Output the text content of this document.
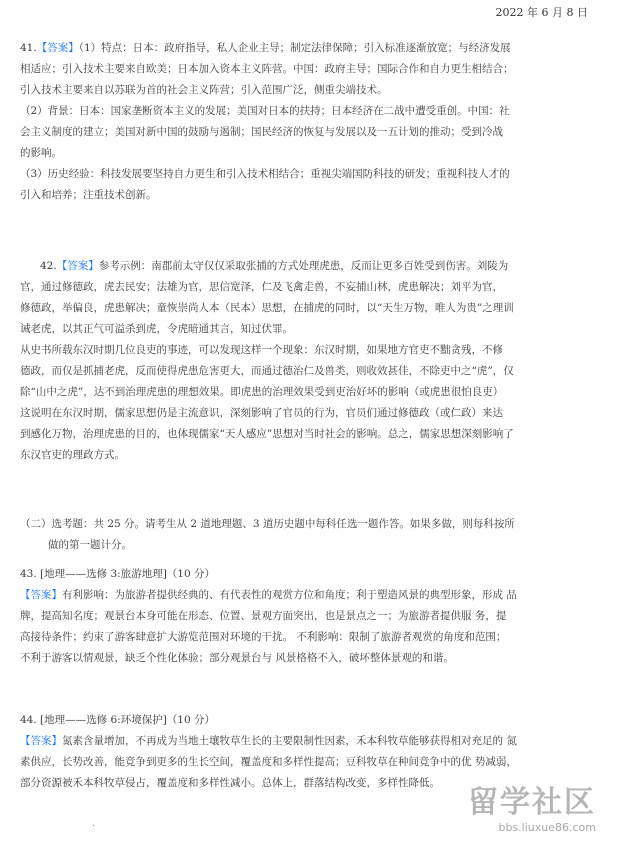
2022 年 6 月 8 日
41.【答案】（1）特点：日本：政府指导，私人企业主导；制定法律保障；引入标准逐渐放宽；与经济发展
相适应；引入技术主要来自欧美；日本加入资本主义阵营。中国：政府主导；国际合作和自力更生相结合；
引入技术主要来自以苏联为首的社会主义阵营；引入范围广泛，侧重尖端技术。
（2）背景：日本：国家垄断资本主义的发展；美国对日本的扶持；日本经济在二战中遭受重创。中国：社
会主义制度的建立；美国对新中国的鼓励与遏制；国民经济的恢复与发展以及一五计划的推动；受到冷战
的影响。
（3）历史经验：科技发展要坚持自力更生和引入技术相结合；重视尖端国防科技的研发；重视科技人才的
引入和培养；注重技术创新。
42.【答案】参考示例：南郡前太守仅仅采取张捕的方式处理虎患，反而让更多百姓受到伤害。刘陵为
官，通过修德政，虎去民安；法雄为官，思信宽泽，仁及飞禽走兽，不妄捕山林，虎患解决；刘平为官，
修德政，举偏良，虎患解决；童恢崇尚人本（民本）思想，在捕虎的同时，以“天生万物，唯人为贵”之理训
诫老虎，以其正气可溢杀到虎，令虎暗通其言，知过伏罪。
从史书所载东汉时期几位良吏的事迹，可以发现这样一个现象：东汉时期，如果地方官吏不黜贪残，不修
德政，而仅是抓捕老虎，反而使得虎患危害更大，而通过德治仁及兽类，则收效甚佳，不除吏中之“虎”，仅
除“山中之虎”，达不到治理虎患的理想效果。即虎患的治理效果受到吏治好坏的影响（或虎患很怕良吏）
这说明在东汉时期，儒家思想仍是主流意识，深刻影响了官员的行为，官员们通过修德政（或仁政）来达
到感化万物，治理虎患的目的，也体现儒家“天人感应”思想对当时社会的影响。总之，儒家思想深刻影响了
东汉官吏的理政方式。
（二）选考题：共 25 分。请考生从 2 道地理题、3 道历史题中每科任选一题作答。如果多做，则每科按所
做的第一题计分。
43. [地理——选修 3:旅游地理]（10 分）
【答案】有利影响：为旅游者提供经典的、有代表性的观赏方位和角度；利于塑造风景的典型形象，形成 品
牌，提高知名度；观景台本身可能在形态、位置、景观方面突出，也是景点之一；为旅游者提供服 务，提
高接待条件；约束了游客肆意扩大游览范围对环境的干扰。 不利影响：限制了旅游者观赏的角度和范围；
不利于游客以情观景，缺乏个性化体验；部分观景台与 风景格格不入，破坏整体景观的和谐。
44. [地理——选修 6:环境保护]（10 分）
【答案】氮素含量增加，不再成为当地土壤牧草生长的主要限制性因素，禾本科牧草能够获得相对充足的 氮
素供应，长势改善，能竞争到更多的生长空间，覆盖度和多样性提高；豆科牧草在种间竞争中的优 势减弱，
部分资源被禾本科牧草侵占，覆盖度和多样性减小。总体上，群落结构改变，多样性降低。
·
留学社区
bbs.liuxue86.com
